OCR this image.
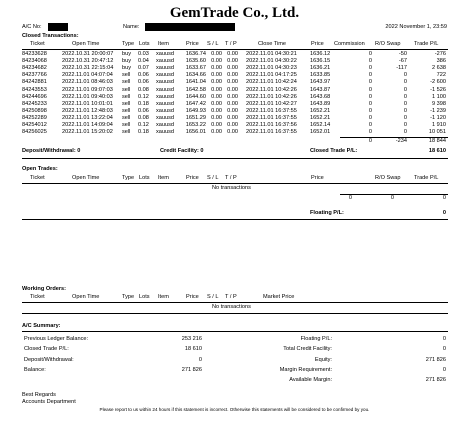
GemTrade Co., Ltd.
A/C No:	Name:	2022 November 1, 23:59
Closed Transactions:
Ticket	Open Time	Type Lots Item	Price S / L T / P	Close Time	Price Commission R/O Swap Trade P/L
84233628	2022.10.31 20:00:07	buy	0.03	xauusd	1636.74 0.00 0.00 2022.11.01 04:30:21	1636.12	0	-50	-276
84234068	2022.10.31 20:47:12	buy	0.04	xauusd	1635.60 0.00 0.00 2022.11.01 04:30:22	1636.15	0	-67	386
84234682	2022.10.31 22:15:04	buy	0.07	xauusd	1633.67 0.00 0.00 2022.11.01 04:30:23	1636.21	0	-117	2 638
84237766	2022.11.01 04:07:04	sell	0.06	xauusd	1634.66 0.00 0.00 2022.11.01 04:17:25	1633.85	0	0	722
84242881	2022.11.01 08:46:03	sell	0.06	xauusd	1641.04 0.00 0.00 2022.11.01 10:42:24	1643.97	0	0	-2 600
84243553	2022.11.01 09:07:03	sell	0.08	xauusd	1642.58 0.00 0.00 2022.11.01 10:42:26	1643.87	0	0	-1 526
84244696	2022.11.01 09:40:03	sell	0.12	xauusd	1644.60 0.00 0.00 2022.11.01 10:42:26	1643.68	0	0	1 100
84245233	2022.11.01 10:01:01	sell	0.18	xauusd	1647.42 0.00 0.00 2022.11.01 10:42:27	1643.89	0	0	9 398
84250898	2022.11.01 12:48:03	sell	0.06	xauusd	1649.93 0.00 0.00 2022.11.01 16:37:55	1652.21	0	0	-1 239
84252289	2022.11.01 13:22:04	sell	0.08	xauusd	1651.29 0.00 0.00 2022.11.01 16:37:55	1652.21	0	0	-1 120
84254012	2022.11.01 14:09:04	sell	0.12	xauusd	1653.22 0.00 0.00 2022.11.01 16:37:56	1652.14	0	0	1 910
84256025	2022.11.01 15:20:02	sell	0.18	xauusd	1656.01 0.00 0.00 2022.11.01 16:37:55	1652.01	0	0	10 051
0	-234	18 844
Deposit/Withdrawal: 0	Credit Facility: 0	Closed Trade P/L:	18 610
Open Trades:
Ticket	Open Time	Type Lots Item	Price S / L T / P	Price	R/O Swap Trade P/L
No transactions
0	0	0
Floating P/L:	0
Working Orders:
Ticket	Open Time	Type Lots Item	Price S / L T / P	Market Price
No transactions
A/C Summary:
Previous Ledger Balance:	253 216
Closed Trade P/L:	18 610
Deposit/Withdrawal:	0
Balance:	271 826
Floating P/L:	0
Total Credit Facility:	0
Equity:	271 826
Margin Requirement:	0
Available Margin:	271 826
Best Regards
Accounts Department
Please report to us within 24 hours if this statement is incorrect. Otherwise this statements will be considered to be confirmed by you.
